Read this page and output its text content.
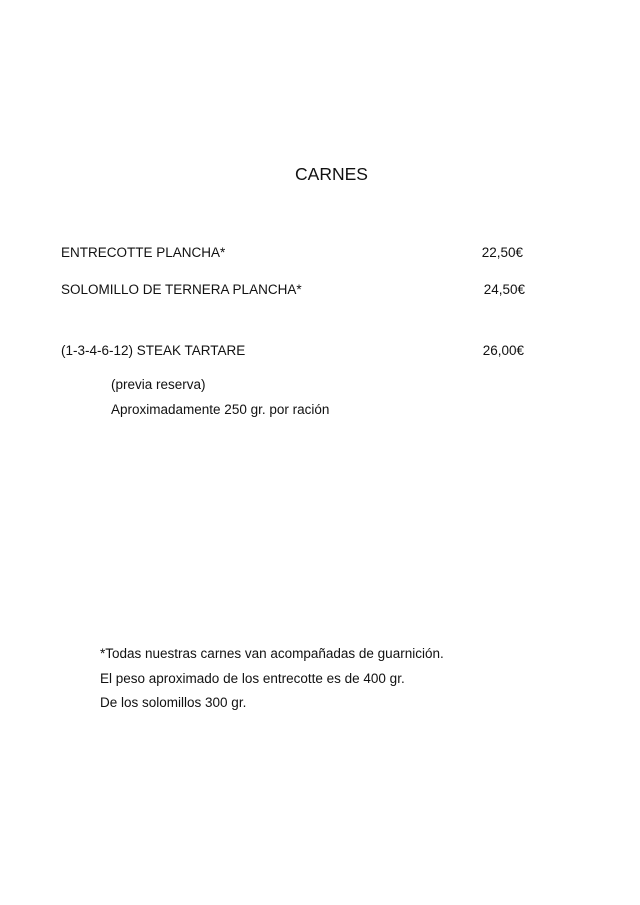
CARNES
ENTRECOTTE PLANCHA*	22,50€
SOLOMILLO DE TERNERA PLANCHA*	24,50€
(1-3-4-6-12) STEAK TARTARE	26,00€
(previa reserva)
Aproximadamente 250 gr. por ración
*Todas nuestras carnes van acompañadas de guarnición.
El peso aproximado de los entrecotte es de 400 gr.
De los solomillos 300 gr.
